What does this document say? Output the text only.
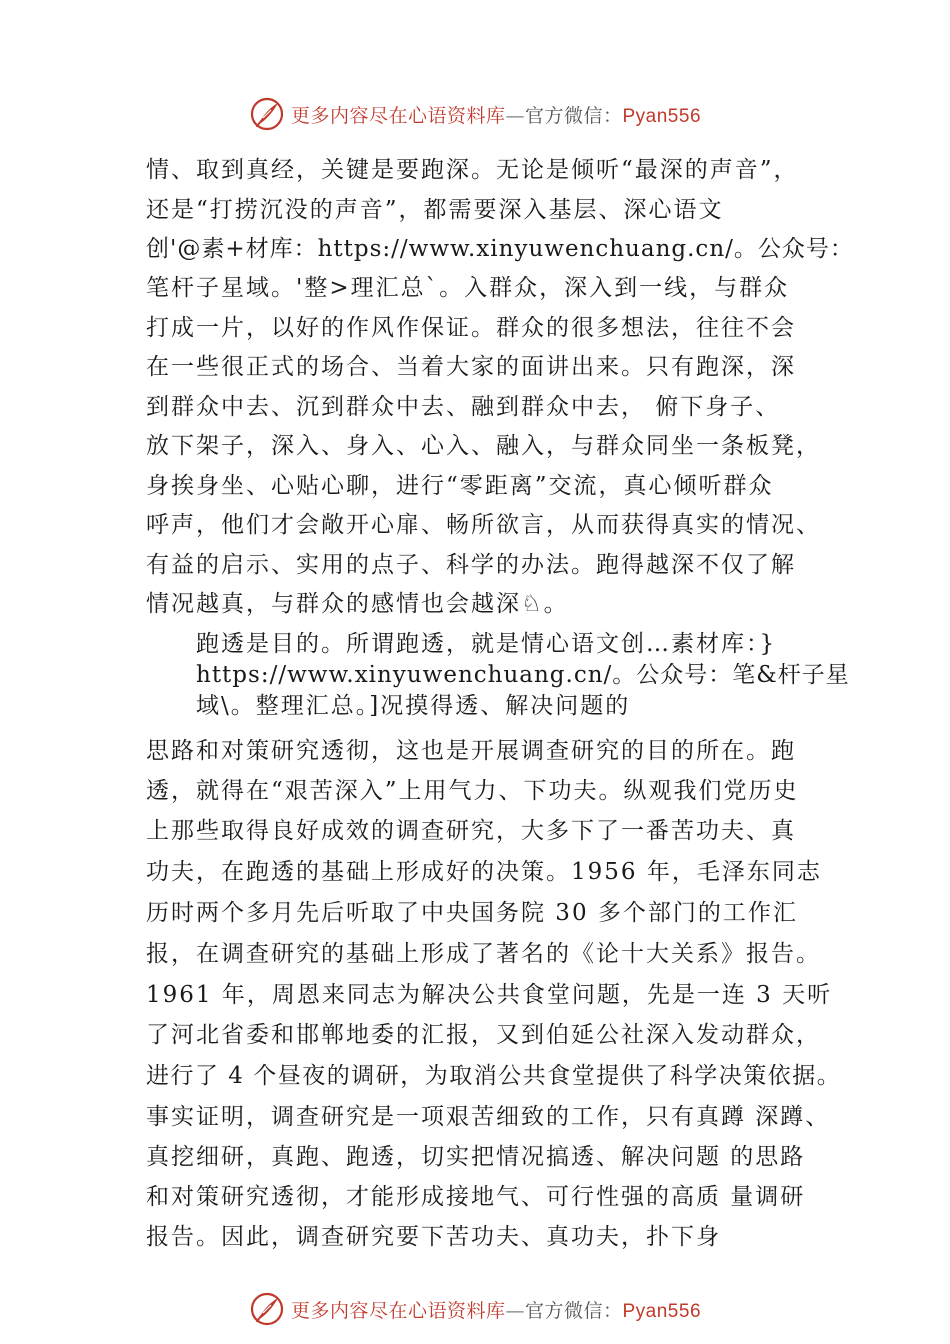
更多内容尽在心语资料库—官方微信：Pyan556
情、取到真经，关键是要跑深。无论是倾听“最深的声音”，
还是“打捞沉没的声音”，都需要深入基层、深心语文
创'@素+材库：https://www.xinyuwenchuang.cn/。公众号：
笔杆子星域。'整>理汇总`。入群众，深入到一线，与群众
打成一片，以好的作风作保证。群众的很多想法，往往不会
在一些很正式的场合、当着大家的面讲出来。只有跑深，深
到群众中去、沉到群众中去、融到群众中去， 俯下身子、
放下架子，深入、身入、心入、融入，与群众同坐一条板凳，
身挨身坐、心贴心聊，进行“零距离”交流，真心倾听群众
呼声，他们才会敞开心扉、畅所欲言，从而获得真实的情况、
有益的启示、实用的点子、科学的办法。跑得越深不仅了解
情况越真，与群众的感情也会越深♘。
跑透是目的。所谓跑透，就是情心语文创…素材库：}
https://www.xinyuwenchuang.cn/。公众号：笔&杆子星
域\。整理汇总。]况摸得透、解决问题的
思路和对策研究透彻，这也是开展调查研究的目的所在。跑
透，就得在“艰苦深入”上用气力、下功夫。纵观我们党历史
上那些取得良好成效的调查研究，大多下了一番苦功夫、真
功夫，在跑透的基础上形成好的决策。1956 年，毛泽东同志
历时两个多月先后听取了中央国务院 30 多个部门的工作汇
报，在调查研究的基础上形成了著名的《论十大关系》报告。
1961 年，周恩来同志为解决公共食堂问题，先是一连 3 天听
了河北省委和邯郸地委的汇报，又到伯延公社深入发动群众，
进行了 4 个昼夜的调研，为取消公共食堂提供了科学决策依据。
事实证明，调查研究是一项艰苦细致的工作，只有真蹲 深蹲、
真挖细研，真跑、跑透，切实把情况搞透、解决问题 的思路
和对策研究透彻，才能形成接地气、可行性强的高质 量调研
报告。因此，调查研究要下苦功夫、真功夫，扑下身
更多内容尽在心语资料库—官方微信：Pyan556
